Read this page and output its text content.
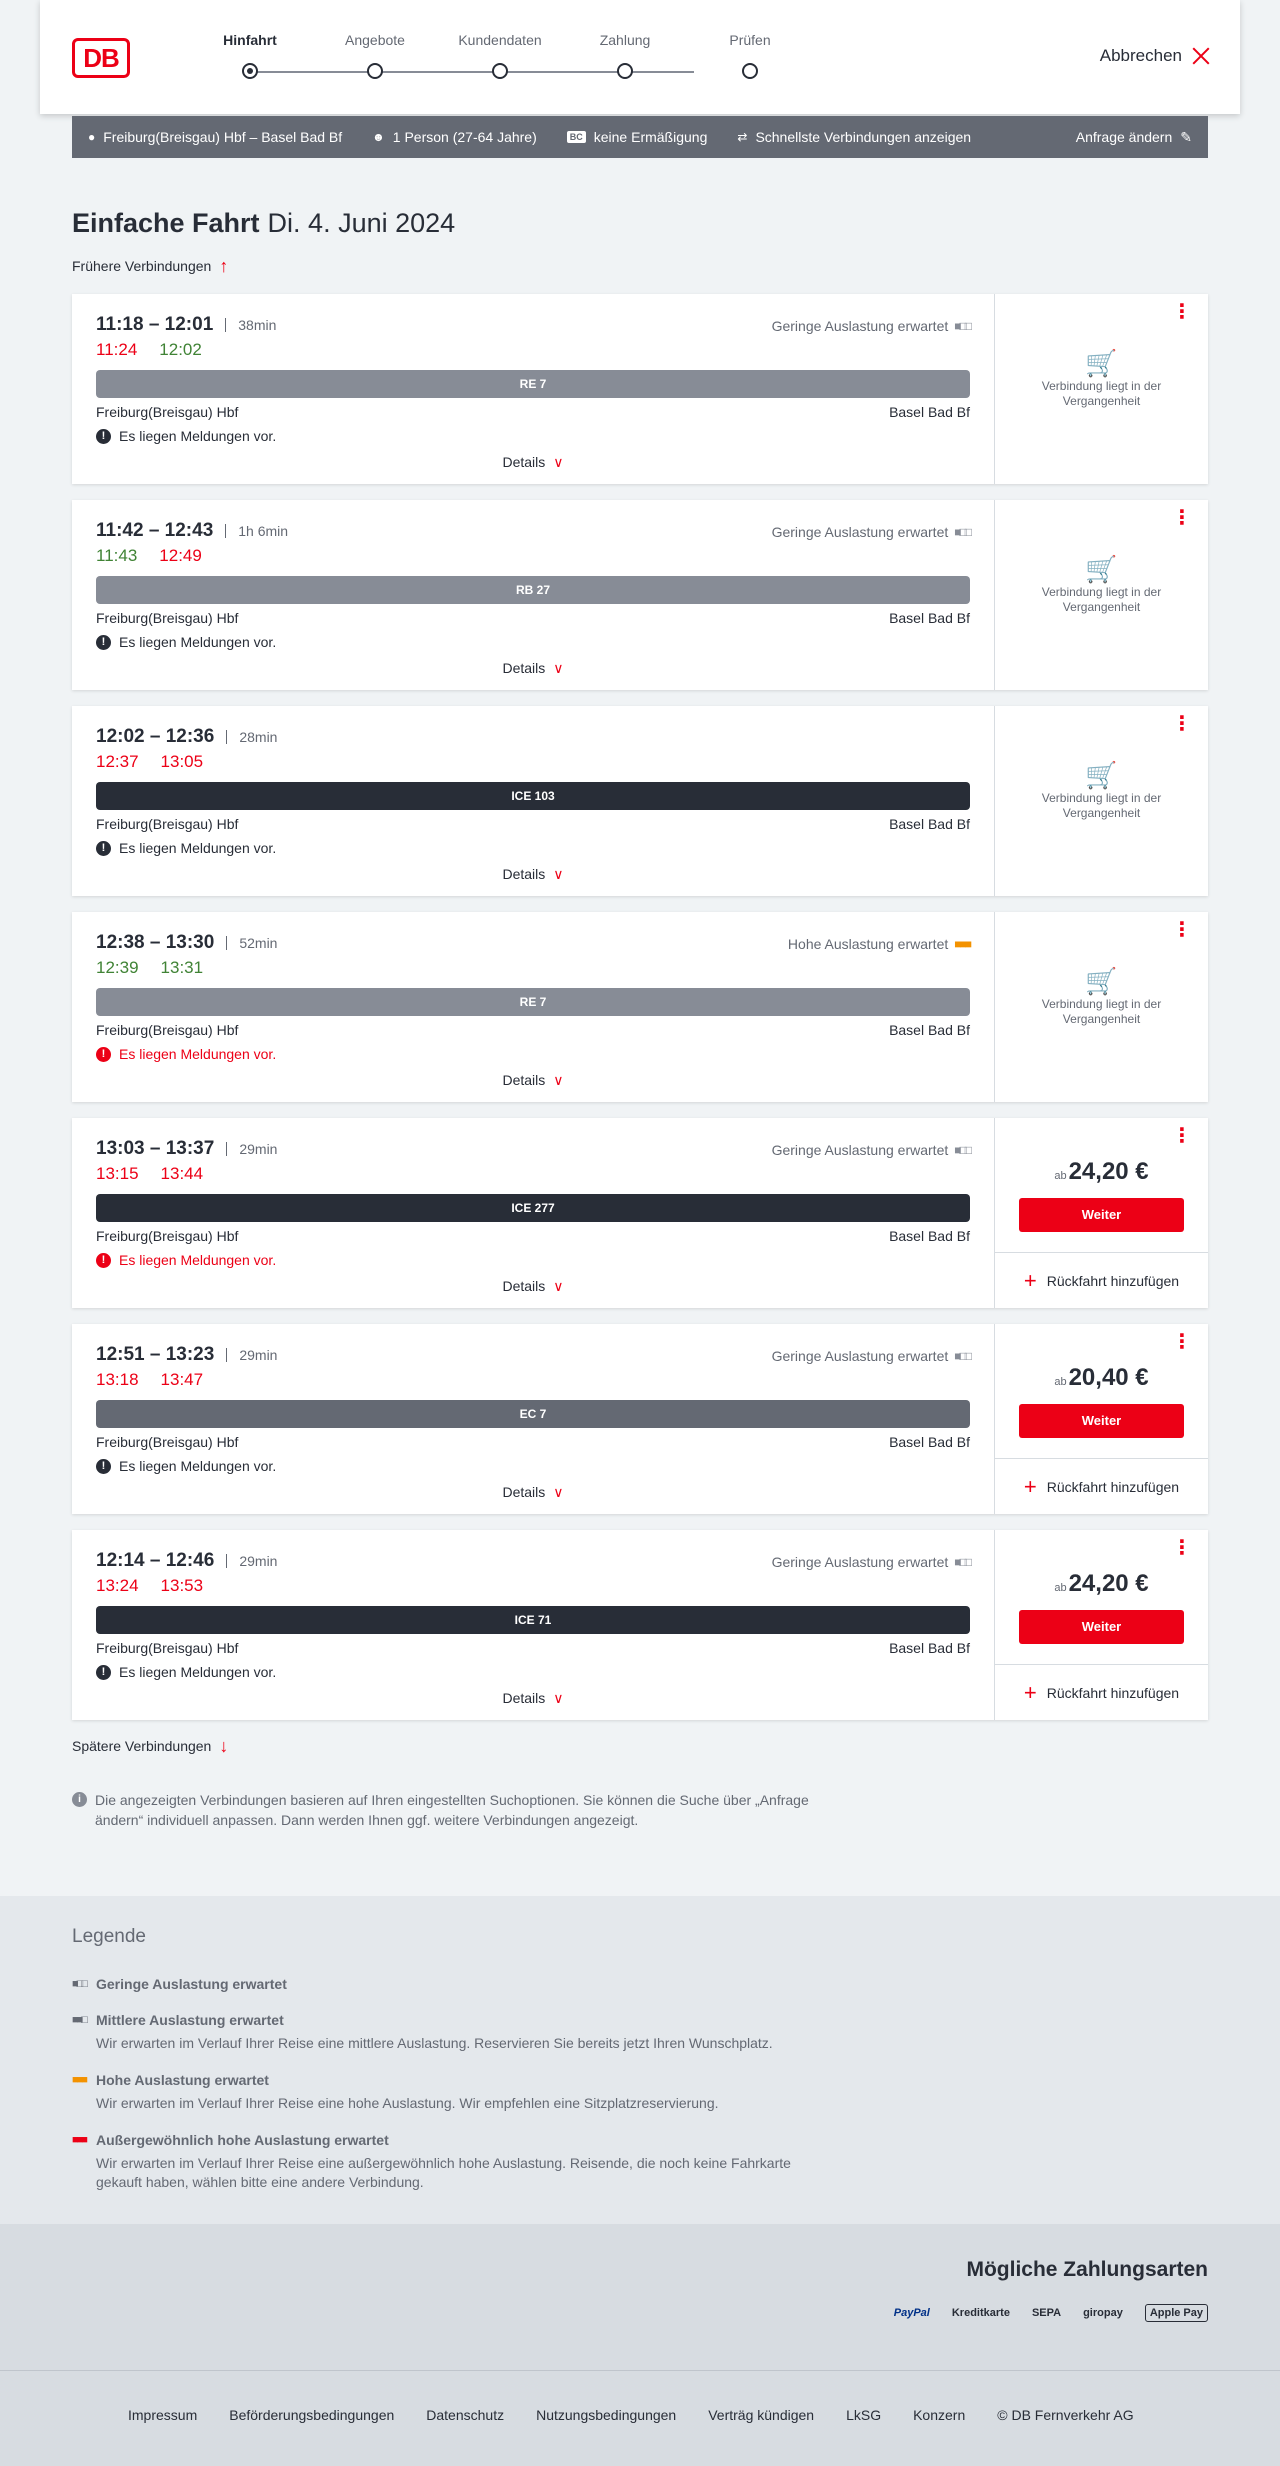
DB
Hinfahrt	Angebote	Kundendaten	Zahlung	Prüfen
Abbrechen
● Freiburg(Breisgau) Hbf – Basel Bad Bf	☻ 1 Person (27-64 Jahre)	BC keine Ermäßigung	⇄ Schnellste Verbindungen anzeigen	Anfrage ändern ✎
Einfache Fahrt Di. 4. Juni 2024
Frühere Verbindungen ↑
11:18 – 12:01 38min	Geringe Auslastung erwartet ■□□
11:24 12:02
RE 7
Freiburg(Breisgau) Hbf	Basel Bad Bf
! Es liegen Meldungen vor.
Details ∨
⋮
🛒
Verbindung liegt in der Vergangenheit
11:42 – 12:43 1h 6min	Geringe Auslastung erwartet ■□□
11:43 12:49
RB 27
Freiburg(Breisgau) Hbf	Basel Bad Bf
! Es liegen Meldungen vor.
Details ∨
⋮
🛒
Verbindung liegt in der Vergangenheit
12:02 – 12:36 28min
12:37 13:05
ICE 103
Freiburg(Breisgau) Hbf	Basel Bad Bf
! Es liegen Meldungen vor.
Details ∨
⋮
🛒
Verbindung liegt in der Vergangenheit
12:38 – 13:30 52min	Hohe Auslastung erwartet ■■■
12:39 13:31
RE 7
Freiburg(Breisgau) Hbf	Basel Bad Bf
! Es liegen Meldungen vor.
Details ∨
⋮
🛒
Verbindung liegt in der Vergangenheit
13:03 – 13:37 29min	Geringe Auslastung erwartet ■□□
13:15 13:44
ICE 277
Freiburg(Breisgau) Hbf	Basel Bad Bf
! Es liegen Meldungen vor.
Details ∨
⋮
ab24,20 €
Weiter
+ Rückfahrt hinzufügen
12:51 – 13:23 29min	Geringe Auslastung erwartet ■□□
13:18 13:47
EC 7
Freiburg(Breisgau) Hbf	Basel Bad Bf
! Es liegen Meldungen vor.
Details ∨
⋮
ab20,40 €
Weiter
+ Rückfahrt hinzufügen
12:14 – 12:46 29min	Geringe Auslastung erwartet ■□□
13:24 13:53
ICE 71
Freiburg(Breisgau) Hbf	Basel Bad Bf
! Es liegen Meldungen vor.
Details ∨
⋮
ab24,20 €
Weiter
+ Rückfahrt hinzufügen
Spätere Verbindungen ↓
i	Die angezeigten Verbindungen basieren auf Ihren eingestellten Suchoptionen. Sie können die Suche über „Anfrage ändern“ individuell anpassen. Dann werden Ihnen ggf. weitere Verbindungen angezeigt.
Legende
■□□ Geringe Auslastung erwartet
■■□ Mittlere Auslastung erwartet
Wir erwarten im Verlauf Ihrer Reise eine mittlere Auslastung. Reservieren Sie bereits jetzt Ihren Wunschplatz.
■■■ Hohe Auslastung erwartet
Wir erwarten im Verlauf Ihrer Reise eine hohe Auslastung. Wir empfehlen eine Sitzplatzreservierung.
■■■ Außergewöhnlich hohe Auslastung erwartet
Wir erwarten im Verlauf Ihrer Reise eine außergewöhnlich hohe Auslastung. Reisende, die noch keine Fahrkarte gekauft haben, wählen bitte eine andere Verbindung.
Mögliche Zahlungsarten
PayPal Kreditkarte SEPA giropay	Apple Pay
Impressum Beförderungsbedingungen Datenschutz Nutzungsbedingungen Verträg kündigen LkSG Konzern © DB Fernverkehr AG
